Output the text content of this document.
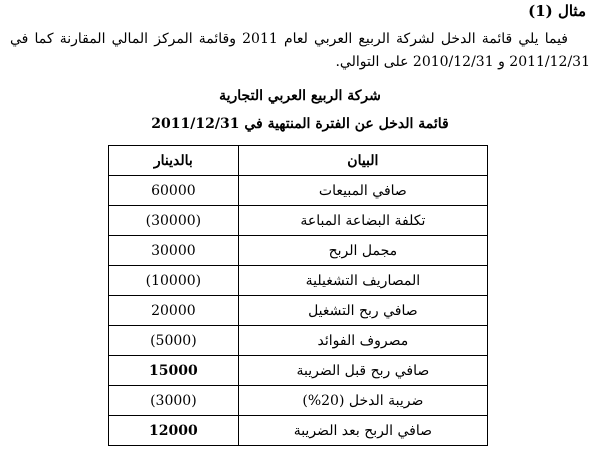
مثال (1)

فيما يلي قائمة الدخل لشركة الربيع العربي لعام 2011 وقائمة المركز المالي المقارنة كما في
2011/12/31 و 2010/12/31 على التوالي.

شركة الربيع العربي التجارية

قائمة الدخل عن الفترة المنتهية في 2011/12/31

البيان	بالدينار
صافي المبيعات	60000
تكلفة البضاعة المباعة	(30000)
مجمل الربح	30000
المصاريف التشغيلية	(10000)
صافي ربح التشغيل	20000
مصروف الفوائد	(5000)
صافي ربح قبل الضريبة	15000
ضريبة الدخل (20%)	(3000)
صافي الربح بعد الضريبة	12000
